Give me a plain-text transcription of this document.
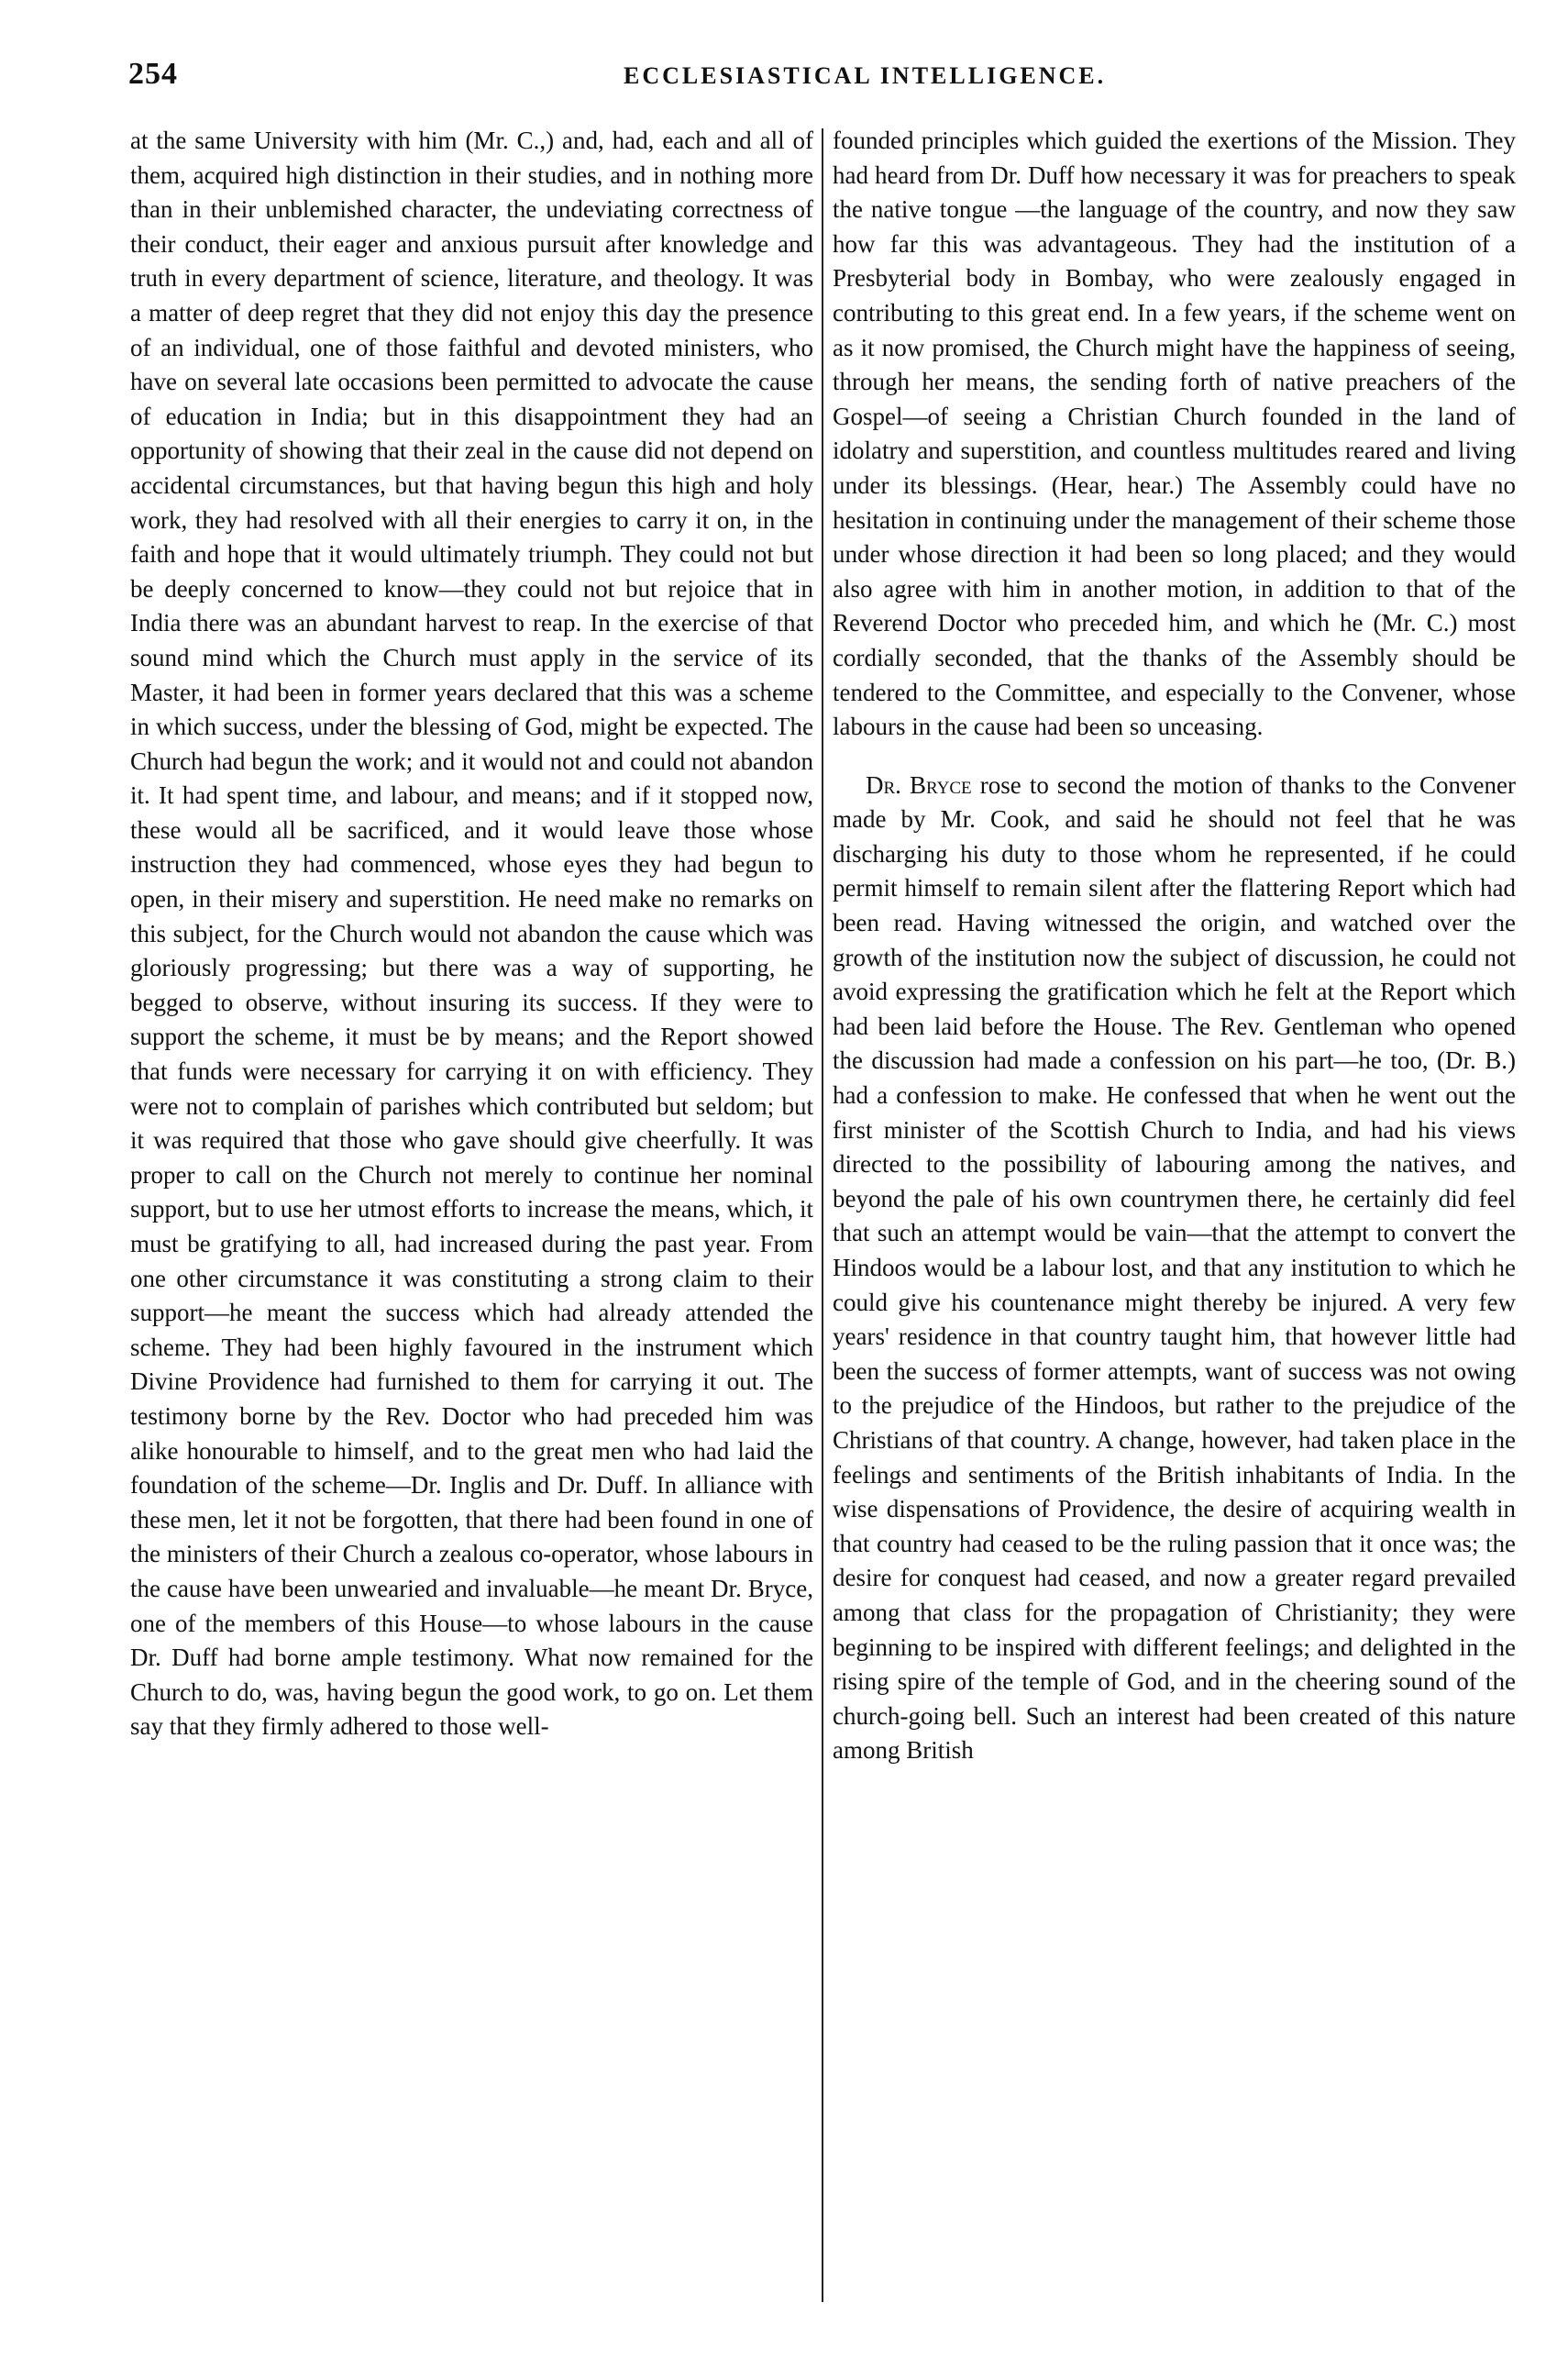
254	ECCLESIASTICAL INTELLIGENCE.

at the same University with him (Mr. C.,) and, had, each and all of them, acquired high distinction in their studies, and in nothing more than in their unblemished character, the undeviating correctness of their conduct, their eager and anxious pursuit after knowledge and truth in every department of science, literature, and theology. It was a matter of deep regret that they did not enjoy this day the presence of an individual, one of those faithful and devoted ministers, who have on several late occasions been permitted to advocate the cause of education in India; but in this disappointment they had an opportunity of showing that their zeal in the cause did not depend on accidental circumstances, but that having begun this high and holy work, they had resolved with all their energies to carry it on, in the faith and hope that it would ultimately triumph. They could not but be deeply concerned to know—they could not but rejoice that in India there was an abundant harvest to reap. In the exercise of that sound mind which the Church must apply in the service of its Master, it had been in former years declared that this was a scheme in which success, under the blessing of God, might be expected. The Church had begun the work; and it would not and could not abandon it. It had spent time, and labour, and means; and if it stopped now, these would all be sacrificed, and it would leave those whose instruction they had commenced, whose eyes they had begun to open, in their misery and superstition. He need make no remarks on this subject, for the Church would not abandon the cause which was gloriously progressing; but there was a way of supporting, he begged to observe, without insuring its success. If they were to support the scheme, it must be by means; and the Report showed that funds were necessary for carrying it on with efficiency. They were not to complain of parishes which contributed but seldom; but it was required that those who gave should give cheerfully. It was proper to call on the Church not merely to continue her nominal support, but to use her utmost efforts to increase the means, which, it must be gratifying to all, had increased during the past year. From one other circumstance it was constituting a strong claim to their support—he meant the success which had already attended the scheme. They had been highly favoured in the instrument which Divine Providence had furnished to them for carrying it out. The testimony borne by the Rev. Doctor who had preceded him was alike honourable to himself, and to the great men who had laid the foundation of the scheme—Dr. Inglis and Dr. Duff. In alliance with these men, let it not be forgotten, that there had been found in one of the ministers of their Church a zealous co-operator, whose labours in the cause have been unwearied and invaluable—he meant Dr. Bryce, one of the members of this House—to whose labours in the cause Dr. Duff had borne ample testimony. What now remained for the Church to do, was, having begun the good work, to go on. Let them say that they firmly adhered to those well-

founded principles which guided the exertions of the Mission. They had heard from Dr. Duff how necessary it was for preachers to speak the native tongue —the language of the country, and now they saw how far this was advantageous. They had the institution of a Presbyterial body in Bombay, who were zealously engaged in contributing to this great end. In a few years, if the scheme went on as it now promised, the Church might have the happiness of seeing, through her means, the sending forth of native preachers of the Gospel—of seeing a Christian Church founded in the land of idolatry and superstition, and countless multitudes reared and living under its blessings. (Hear, hear.) The Assembly could have no hesitation in continuing under the management of their scheme those under whose direction it had been so long placed; and they would also agree with him in another motion, in addition to that of the Reverend Doctor who preceded him, and which he (Mr. C.) most cordially seconded, that the thanks of the Assembly should be tendered to the Committee, and especially to the Convener, whose labours in the cause had been so unceasing.

Dr. Bryce rose to second the motion of thanks to the Convener made by Mr. Cook, and said he should not feel that he was discharging his duty to those whom he represented, if he could permit himself to remain silent after the flattering Report which had been read. Having witnessed the origin, and watched over the growth of the institution now the subject of discussion, he could not avoid expressing the gratification which he felt at the Report which had been laid before the House. The Rev. Gentleman who opened the discussion had made a confession on his part—he too, (Dr. B.) had a confession to make. He confessed that when he went out the first minister of the Scottish Church to India, and had his views directed to the possibility of labouring among the natives, and beyond the pale of his own countrymen there, he certainly did feel that such an attempt would be vain—that the attempt to convert the Hindoos would be a labour lost, and that any institution to which he could give his countenance might thereby be injured. A very few years' residence in that country taught him, that however little had been the success of former attempts, want of success was not owing to the prejudice of the Hindoos, but rather to the prejudice of the Christians of that country. A change, however, had taken place in the feelings and sentiments of the British inhabitants of India. In the wise dispensations of Providence, the desire of acquiring wealth in that country had ceased to be the ruling passion that it once was; the desire for conquest had ceased, and now a greater regard prevailed among that class for the propagation of Christianity; they were beginning to be inspired with different feelings; and delighted in the rising spire of the temple of God, and in the cheering sound of the church-going bell. Such an interest had been created of this nature among British
